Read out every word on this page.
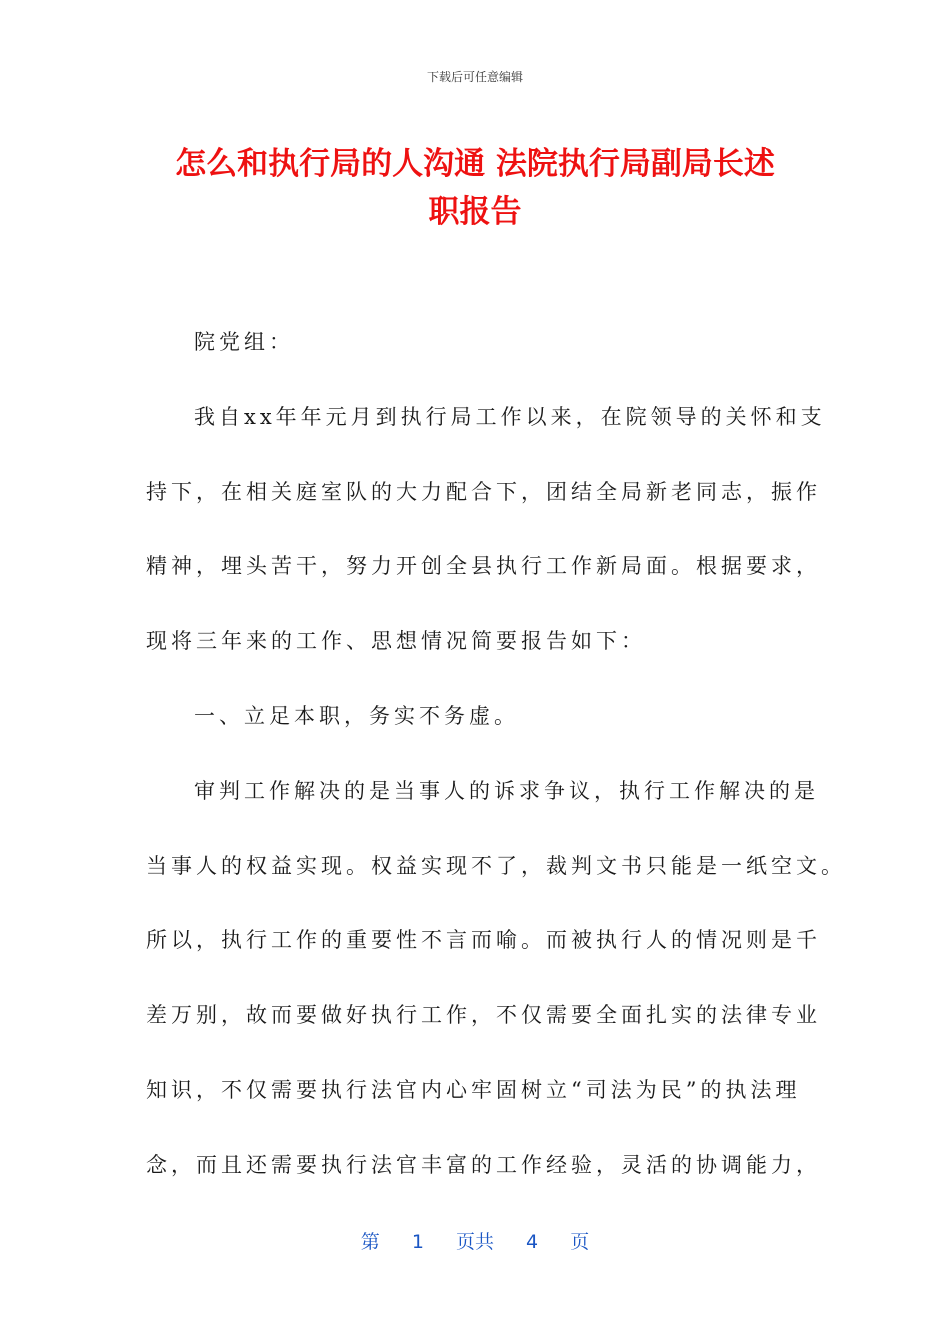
下载后可任意编辑
怎么和执行局的人沟通 法院执行局副局长述
职报告
院党组：
我自xx年年元月到执行局工作以来，在院领导的关怀和支
持下，在相关庭室队的大力配合下，团结全局新老同志，振作
精神，埋头苦干，努力开创全县执行工作新局面。根据要求，
现将三年来的工作、思想情况简要报告如下：
一、立足本职，务实不务虚。
审判工作解决的是当事人的诉求争议，执行工作解决的是
当事人的权益实现。权益实现不了，裁判文书只能是一纸空文。
所以，执行工作的重要性不言而喻。而被执行人的情况则是千
差万别，故而要做好执行工作，不仅需要全面扎实的法律专业
知识，不仅需要执行法官内心牢固树立“司法为民”的执法理
念，而且还需要执行法官丰富的工作经验，灵活的协调能力，
第 1 页共 4 页
